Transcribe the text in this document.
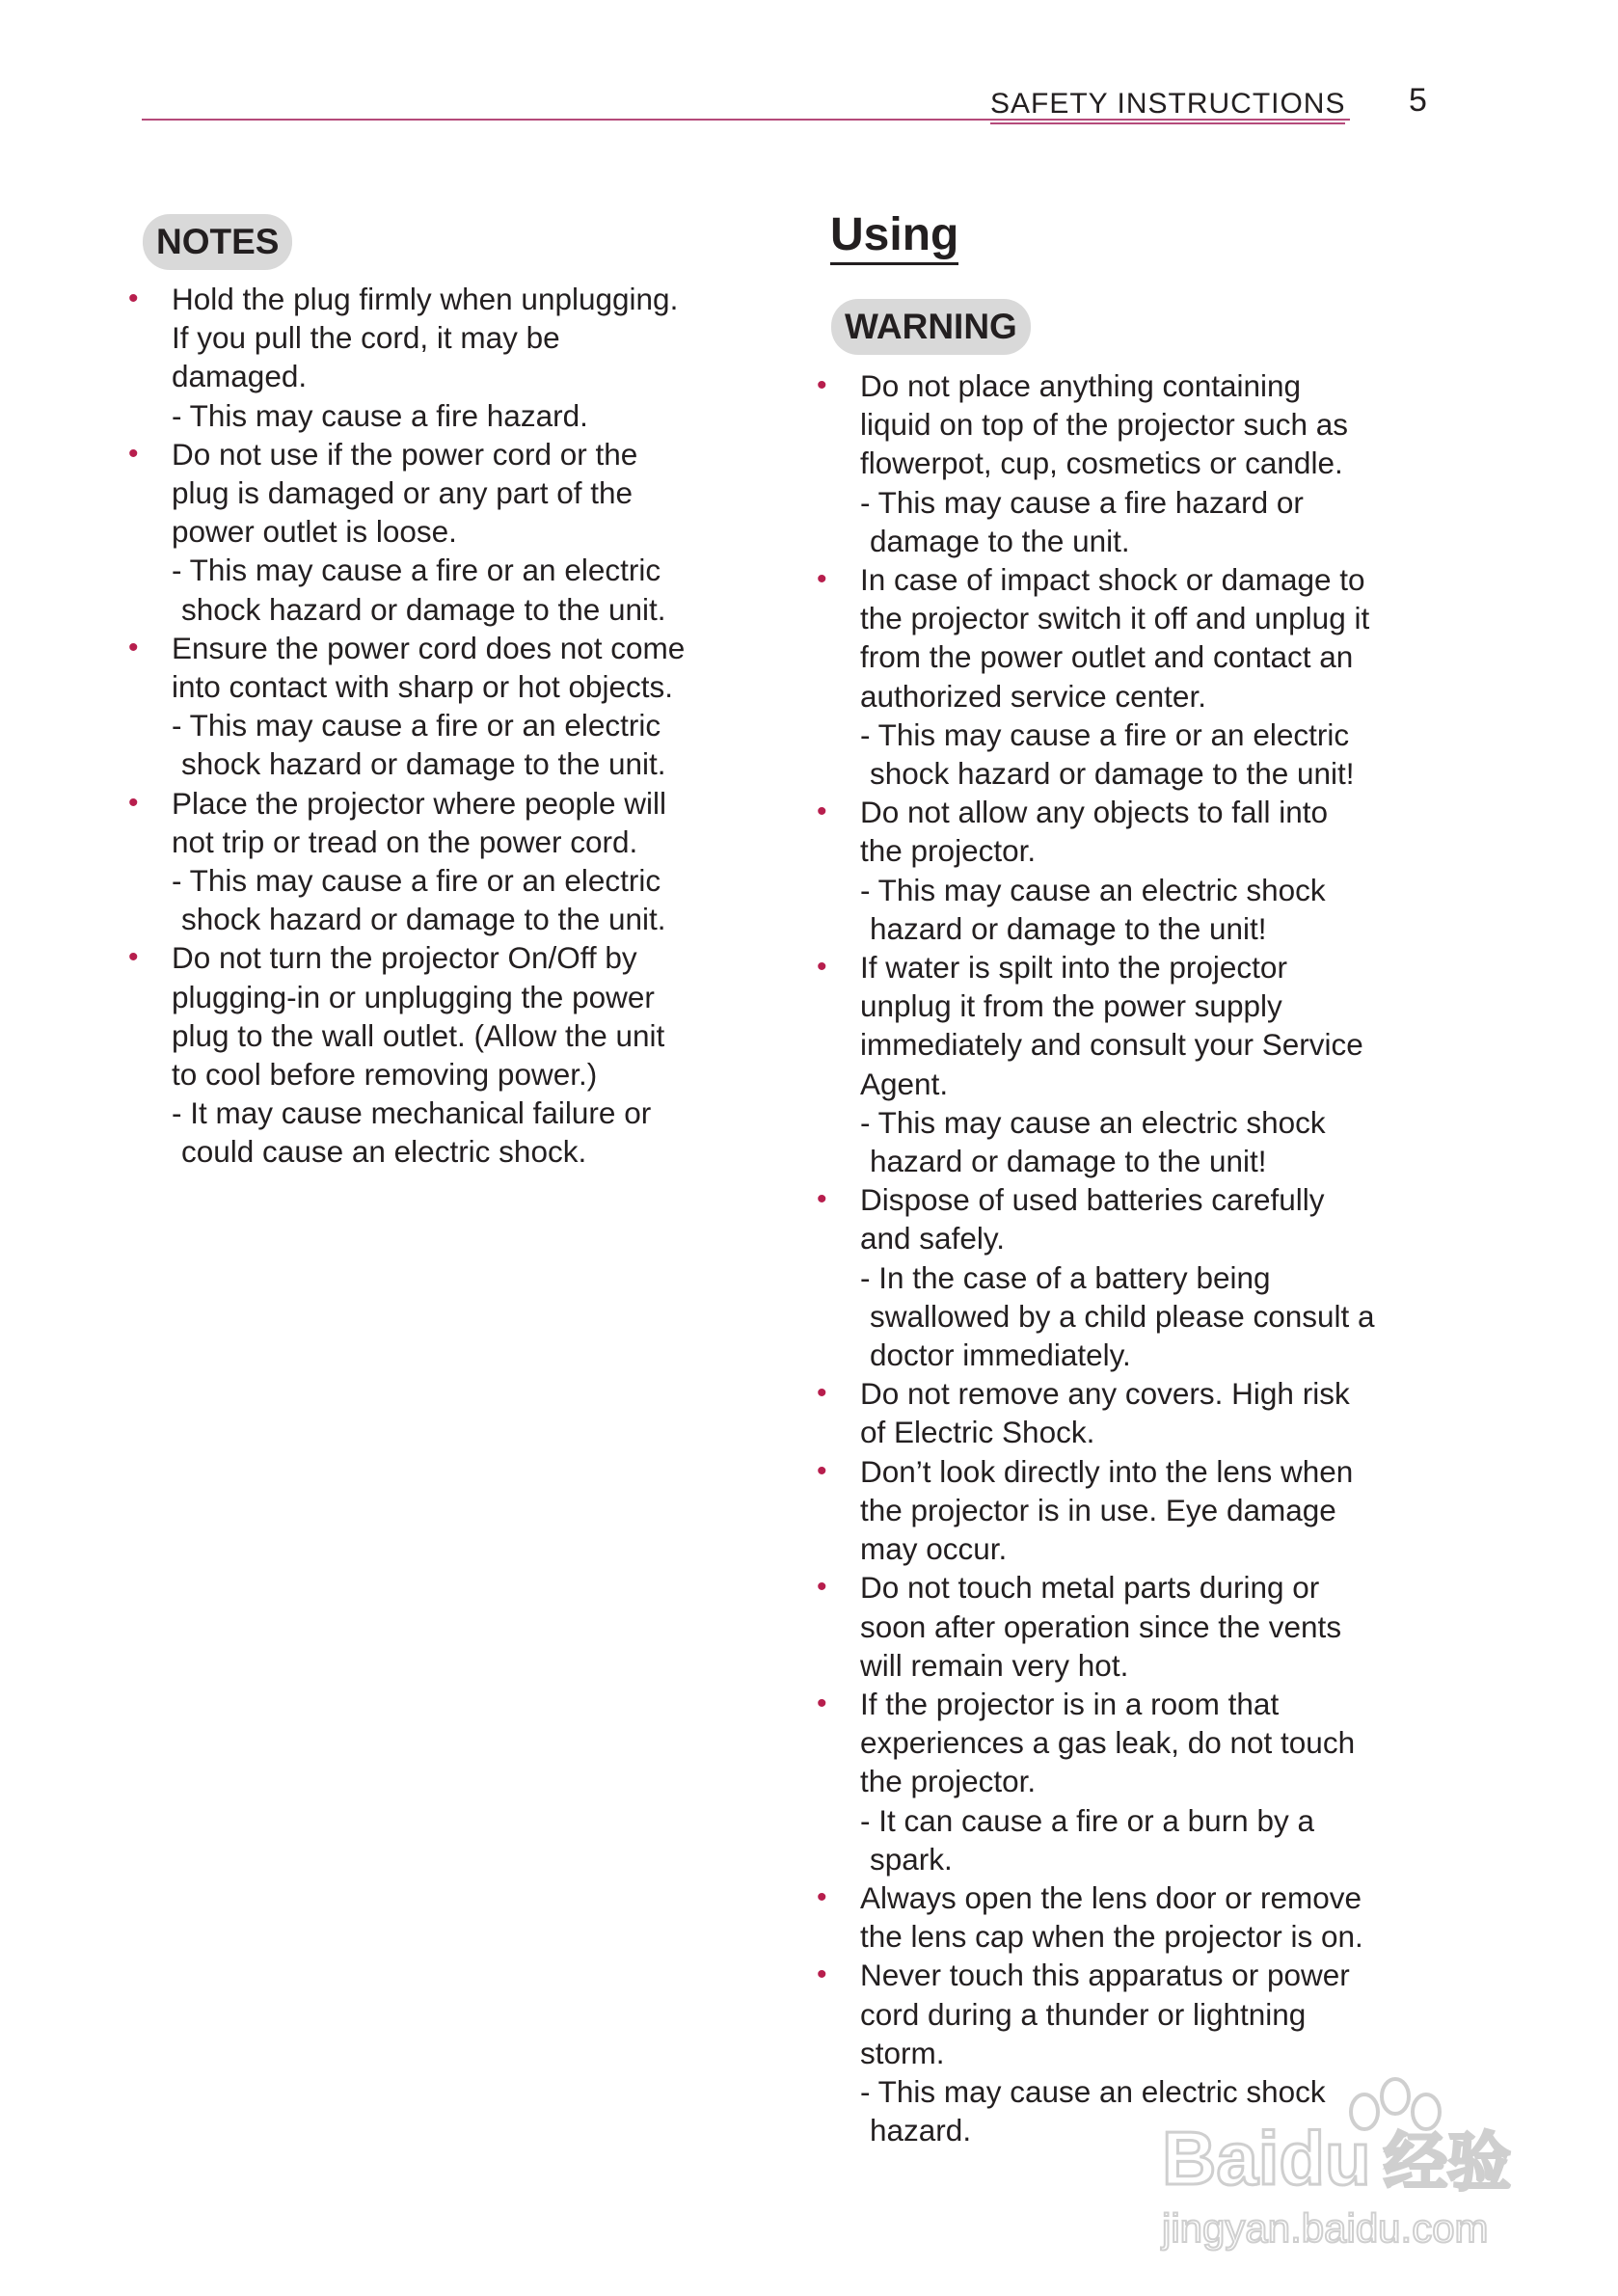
SAFETY INSTRUCTIONS 5
NOTES
• Hold the plug firmly when unplugging.
If you pull the cord, it may be
damaged.
- This may cause a fire hazard.
• Do not use if the power cord or the
plug is damaged or any part of the
power outlet is loose.
- This may cause a fire or an electric
shock hazard or damage to the unit.
• Ensure the power cord does not come
into contact with sharp or hot objects.
- This may cause a fire or an electric
shock hazard or damage to the unit.
• Place the projector where people will
not trip or tread on the power cord.
- This may cause a fire or an electric
shock hazard or damage to the unit.
• Do not turn the projector On/Off by
plugging-in or unplugging the power
plug to the wall outlet. (Allow the unit
to cool before removing power.)
- It may cause mechanical failure or
could cause an electric shock.
Using
WARNING
• Do not place anything containing
liquid on top of the projector such as
flowerpot, cup, cosmetics or candle.
- This may cause a fire hazard or
damage to the unit.
• In case of impact shock or damage to
the projector switch it off and unplug it
from the power outlet and contact an
authorized service center.
- This may cause a fire or an electric
shock hazard or damage to the unit!
• Do not allow any objects to fall into
the projector.
- This may cause an electric shock
hazard or damage to the unit!
• If water is spilt into the projector
unplug it from the power supply
immediately and consult your Service
Agent.
- This may cause an electric shock
hazard or damage to the unit!
• Dispose of used batteries carefully
and safely.
- In the case of a battery being
swallowed by a child please consult a
doctor immediately.
• Do not remove any covers. High risk
of Electric Shock.
• Don’t look directly into the lens when
the projector is in use. Eye damage
may occur.
• Do not touch metal parts during or
soon after operation since the vents
will remain very hot.
• If the projector is in a room that
experiences a gas leak, do not touch
the projector.
- It can cause a fire or a burn by a
spark.
• Always open the lens door or remove
the lens cap when the projector is on.
• Never touch this apparatus or power
cord during a thunder or lightning
storm.
- This may cause an electric shock
hazard.	Baidu 经验
jingyan.baidu.com
